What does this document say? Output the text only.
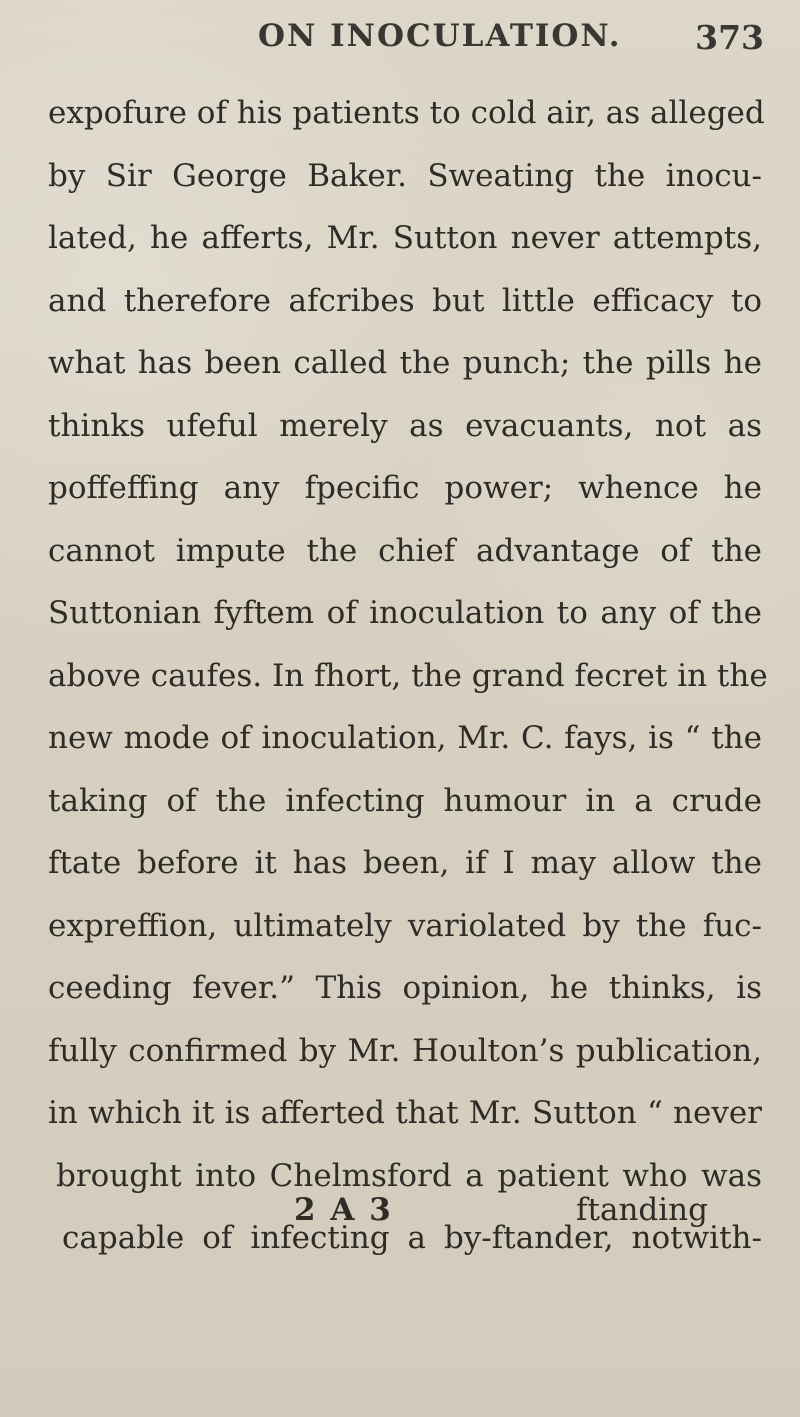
ON INOCULATION. 373
expofure of his patients to cold air, as alleged
by Sir George Baker. Sweating the inocu-
lated, he afferts, Mr. Sutton never attempts,
and therefore afcribes but little efficacy to
what has been called the punch; the pills he
thinks ufeful merely as evacuants, not as
poffeffing any fpecific power; whence he
cannot impute the chief advantage of the
Suttonian fyftem of inoculation to any of the
above caufes. In fhort, the grand fecret in the
new mode of inoculation, Mr. C. fays, is “ the
taking of the infecting humour in a crude
ftate before it has been, if I may allow the
expreffion, ultimately variolated by the fuc-
ceeding fever.” This opinion, he thinks, is
fully confirmed by Mr. Houlton’s publication,
in which it is afferted that Mr. Sutton “ never
brought into Chelmsford a patient who was
capable of infecting a by-ftander, notwith-
2 A 3	ftanding
